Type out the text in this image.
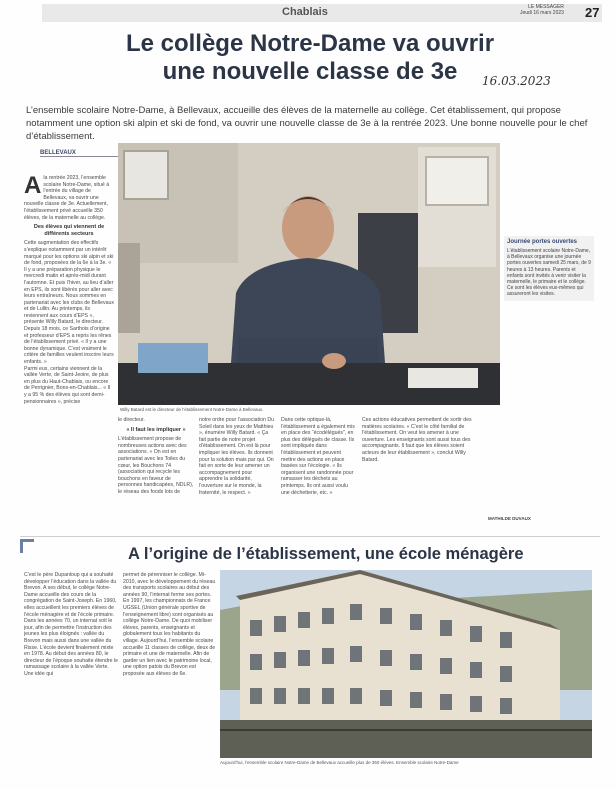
Chablais	LE MESSAGER
Jeudi 16 mars 2023 27
Le collège Notre-Dame va ouvrir
une nouvelle classe de 3e	16.03.2023
L’ensemble scolaire Notre-Dame, à Bellevaux, accueille des élèves de la maternelle au collège. Cet établissement, qui propose notamment une option ski alpin et ski de fond, va ouvrir une nouvelle classe de 3e à la rentrée 2023. Une bonne nouvelle pour le chef d’établissement.
BELLEVAUX
A la rentrée 2023, l’ensemble scolaire Notre-Dame, situé à l’entrée du village de Bellevaux, va ouvrir une nouvelle classe de 3e. Actuellement, l’établissement privé accueille 350 élèves, de la maternelle au collège.
Des élèves qui viennent de différents secteurs

Cette augmentation des effectifs s’explique notamment par un intérêt marqué pour les options ski alpin et ski de fond, proposées de la 6e à la 3e. « Il y a une préparation physique le mercredi matin et après-midi durant l’automne. Et puis l’hiver, au lieu d’aller en EPS, ils sont libérés pour aller avec leurs entraîneurs. Nous sommes en partenariat avec les clubs de Bellevaux et de Lullin. Au printemps, ils reviennent aux cours d’EPS », présente Willy Batard, le directeur.

Depuis 18 mois, ce Sarthois d’origine et professeur d’EPS a repris les rênes de l’établissement privé. « Il y a une bonne dynamique. C’est vraiment le critère de familles veulent inscrire leurs enfants. »

Parmi eux, certains viennent de la vallée Verte, de Saint-Jeoire, de plus en plus du Haut-Chablais, ou encore de Perrignier, Bons-en-Chablais... « Il y a 95 % des élèves qui sont demi-pensionnaires », précise

Willy Batard est le directeur de l’établissement Notre-Dame à Bellevaux.
Journée portes ouvertes

L’établissement scolaire Notre-Dame, à Bellevaux organise une journée portes ouvertes samedi 25 mars, de 9 heures à 13 heures. Parents et enfants sont invités à venir visiter la maternelle, le primaire et le collège. Ce sont les élèves eux-mêmes qui assureront les visites.

le directeur.

« Il faut les impliquer »

L’établissement propose de nombreuses actions avec des associations. « On est en partenariat avec les Toiles du cœur, les Bouchons 74 (association qui recycle les bouchons en faveur de personnes handicapées, NDLR), le réseau des foods lots de

notre ordre pour l’association Du Soleil dans les yeux de Matthieu », énumère Willy Batard. « Ça fait partie de notre projet d’établissement. On est là pour impliquer les élèves. Ils donnent pour la solution mais par qui. On fait en sorte de leur amener un accompagnement pour apprendre la solidarité, l’ouverture sur le monde, la fraternité, le respect. »

Dans cette optique-là, l’établissement a également mis en place des “écodélégués”, en plus des délégués de classe. Ils sont impliqués dans l’établissement et peuvent mettre des actions en place basées sur l’écologie. « Ils organisent une randonnée pour ramasser les déchets au printemps. Ils ont aussi voulu une déchetterie, etc. »

Ces actions éducatives permettent de sortir des matières scolaires. « C’est le côté familial de l’établissement. On veut les amener à une ouverture. Les enseignants sont aussi tous des accompagnants. Il faut que les élèves soient acteurs de leur établissement », conclut Willy Batard.

MATHILDE DUVAUX
A l’origine de l’établissement, une école ménagère

C’est le père Dupanloup qui a souhaité développer l’éducation dans la vallée du Brevon. A ses début, le collège Notre-Dame accueille des cours de la congrégation de Saint-Joseph. En 1960, elles accueillent les premiers élèves de l’école ménagère et de l’école primaire. Dans les années 70, un internat voit le jour, afin de permettre l’instruction des jeunes les plus éloignés : vallée du Brevon mais aussi dans une vallée du Risse. L’école devient finalement mixte en 1978. Au début des années 80, le directeur de l’époque souhaite étendre le ramassage scolaire à la vallée Verte. Une idée qui

permet de pérenniser le collège. Mi-2010, avec le développement du réseau des transports scolaires au début des années 90, l’internat ferme ses portes. En 1997, les championnats de France UGSEL (Union générale sportive de l’enseignement libre) sont organisés au collège Notre-Dame. De quoi mobiliser élèves, parents, enseignants et globalement tous les habitants du village. Aujourd’hui, l’ensemble scolaire accueille 11 classes de collège, deux de primaire et une de maternelle. Afin de garder un lien avec le patrimoine local, une option patois du Brevon est proposée aux élèves de 6e.

Aujourd’hui, l’ensemble scolaire Notre-Dame de Bellevaux accueille plus de 350 élèves. Ensemble scolaire Notre-Dame
